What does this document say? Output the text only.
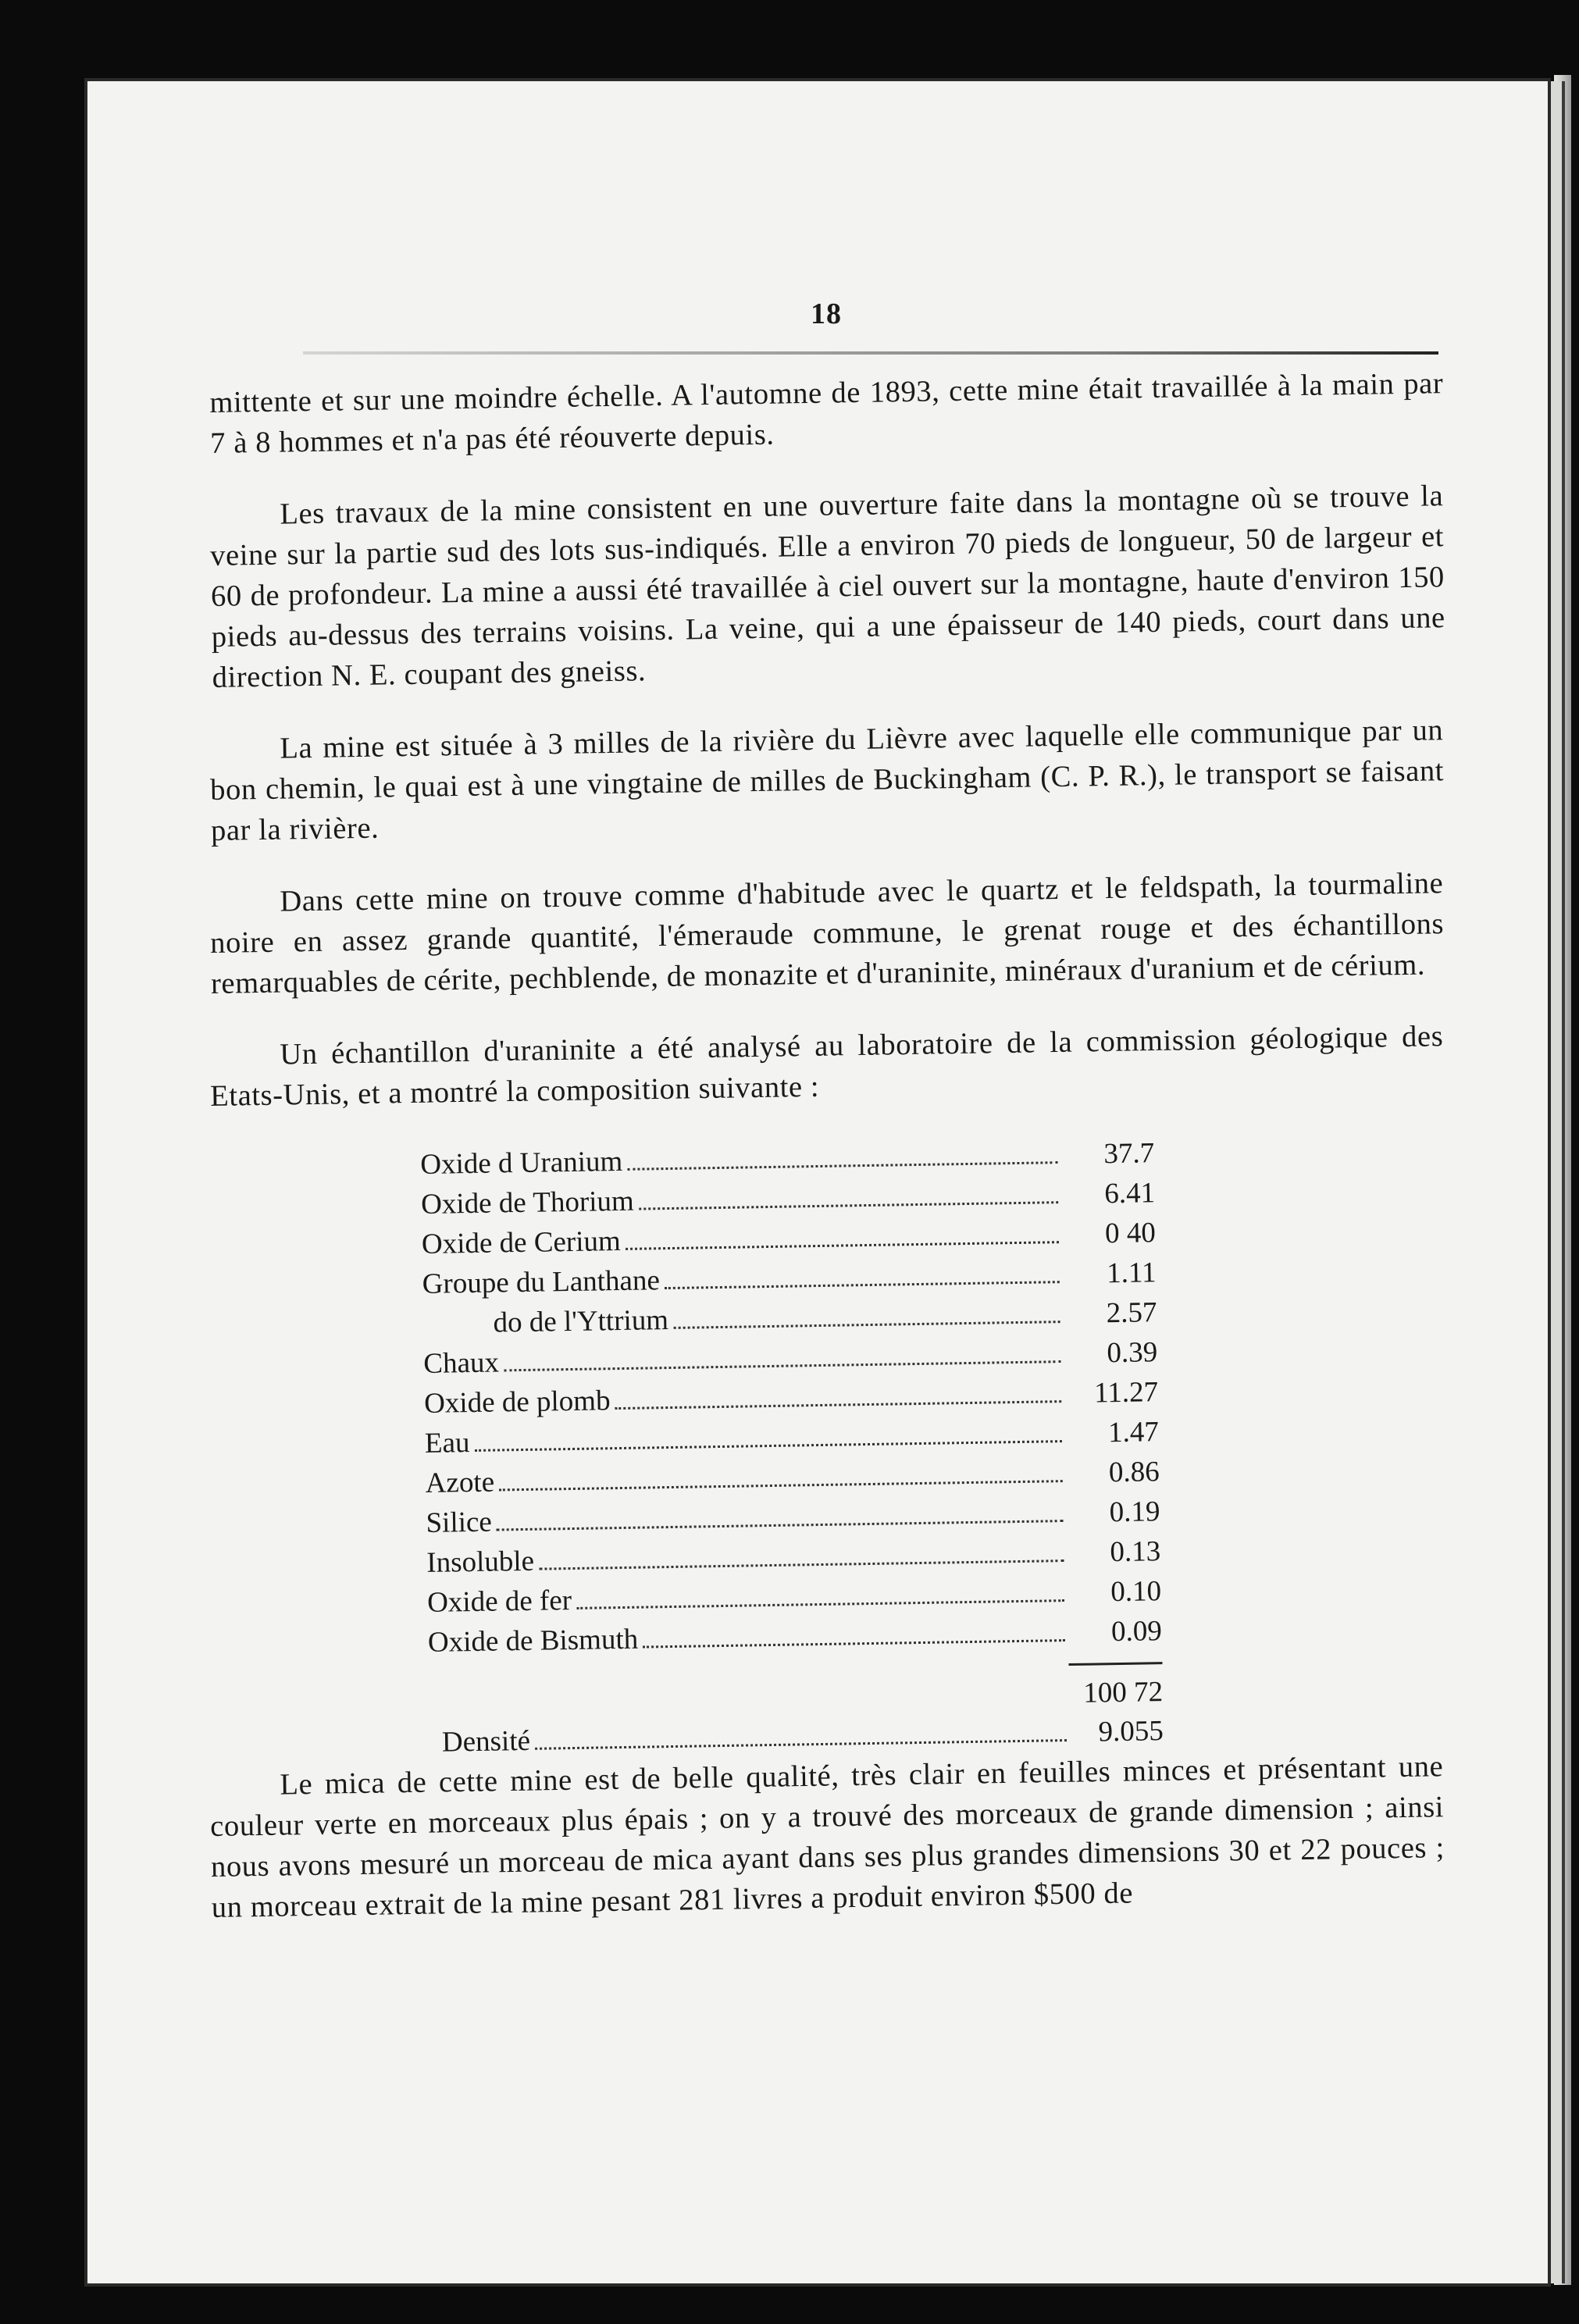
18

mittente et sur une moindre échelle. A l'automne de 1893, cette mine était travaillée à la main par 7 à 8 hommes et n'a pas été réouverte depuis.

Les travaux de la mine consistent en une ouverture faite dans la montagne où se trouve la veine sur la partie sud des lots sus-indiqués. Elle a environ 70 pieds de longueur, 50 de largeur et 60 de profondeur. La mine a aussi été travaillée à ciel ouvert sur la montagne, haute d'environ 150 pieds au-dessus des terrains voisins. La veine, qui a une épaisseur de 140 pieds, court dans une direction N. E. coupant des gneiss.

La mine est située à 3 milles de la rivière du Lièvre avec laquelle elle communique par un bon chemin, le quai est à une vingtaine de milles de Buckingham (C. P. R.), le transport se faisant par la rivière.

Dans cette mine on trouve comme d'habitude avec le quartz et le feldspath, la tourmaline noire en assez grande quantité, l'émeraude commune, le grenat rouge et des échantillons remarquables de cérite, pechblende, de monazite et d'uraninite, minéraux d'uranium et de cérium.

Un échantillon d'uraninite a été analysé au laboratoire de la commission géologique des Etats-Unis, et a montré la composition suivante :

Oxide d Uranium	37.7
Oxide de Thorium	6.41
Oxide de Cerium	0 40
Groupe du Lanthane	1.11
do de l'Yttrium	2.57
Chaux	0.39
Oxide de plomb	11.27
Eau	1.47
Azote	0.86
Silice	0.19
Insoluble	0.13
Oxide de fer	0.10
Oxide de Bismuth	0.09
100 72
Densité	9.055

Le mica de cette mine est de belle qualité, très clair en feuilles minces et présentant une couleur verte en morceaux plus épais ; on y a trouvé des morceaux de grande dimension ; ainsi nous avons mesuré un morceau de mica ayant dans ses plus grandes dimensions 30 et 22 pouces ; un morceau extrait de la mine pesant 281 livres a produit environ $500 de
